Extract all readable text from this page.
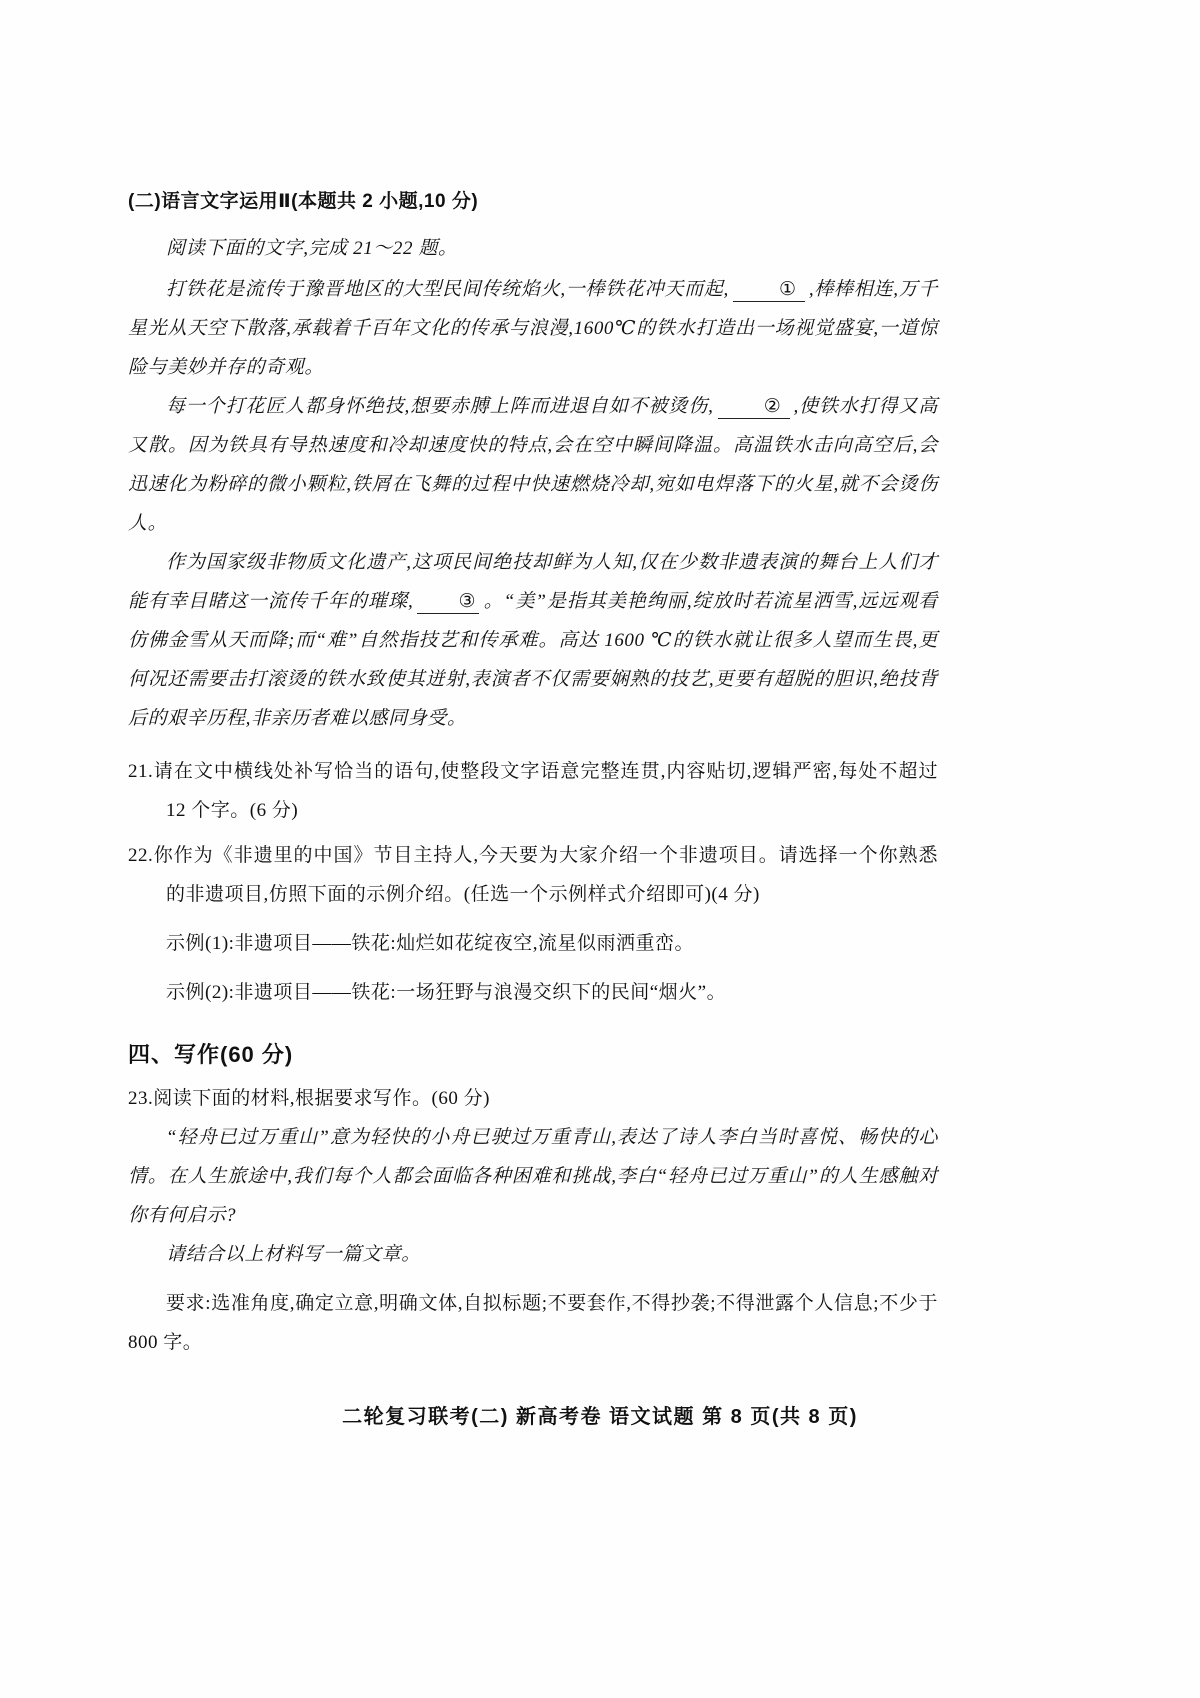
(二)语言文字运用Ⅱ(本题共 2 小题,10 分)
阅读下面的文字,完成 21～22 题。
打铁花是流传于豫晋地区的大型民间传统焰火,一棒铁花冲天而起,	① ,棒棒相连,万千星光从天空下散落,承载着千百年文化的传承与浪漫,1600℃的铁水打造出一场视觉盛宴,一道惊险与美妙并存的奇观。
每一个打花匠人都身怀绝技,想要赤膊上阵而进退自如不被烫伤,	② ,使铁水打得又高又散。因为铁具有导热速度和冷却速度快的特点,会在空中瞬间降温。高温铁水击向高空后,会迅速化为粉碎的微小颗粒,铁屑在飞舞的过程中快速燃烧冷却,宛如电焊落下的火星,就不会烫伤人。
作为国家级非物质文化遗产,这项民间绝技却鲜为人知,仅在少数非遗表演的舞台上人们才能有幸目睹这一流传千年的璀璨, ③ 。“美”是指其美艳绚丽,绽放时若流星洒雪,远远观看仿佛金雪从天而降;而“难”自然指技艺和传承难。高达 1600 ℃的铁水就让很多人望而生畏,更何况还需要击打滚烫的铁水致使其迸射,表演者不仅需要娴熟的技艺,更要有超脱的胆识,绝技背后的艰辛历程,非亲历者难以感同身受。
21.请在文中横线处补写恰当的语句,使整段文字语意完整连贯,内容贴切,逻辑严密,每处不超过 12 个字。(6 分)
22.你作为《非遗里的中国》节目主持人,今天要为大家介绍一个非遗项目。请选择一个你熟悉的非遗项目,仿照下面的示例介绍。(任选一个示例样式介绍即可)(4 分)
示例(1):非遗项目——铁花:灿烂如花绽夜空,流星似雨洒重峦。
示例(2):非遗项目——铁花:一场狂野与浪漫交织下的民间“烟火”。
四、写作(60 分)
23.阅读下面的材料,根据要求写作。(60 分)
“轻舟已过万重山”意为轻快的小舟已驶过万重青山,表达了诗人李白当时喜悦、畅快的心情。在人生旅途中,我们每个人都会面临各种困难和挑战,李白“轻舟已过万重山”的人生感触对你有何启示?
请结合以上材料写一篇文章。
要求:选准角度,确定立意,明确文体,自拟标题;不要套作,不得抄袭;不得泄露个人信息;不少于 800 字。
二轮复习联考(二) 新高考卷 语文试题 第 8 页(共 8 页)
